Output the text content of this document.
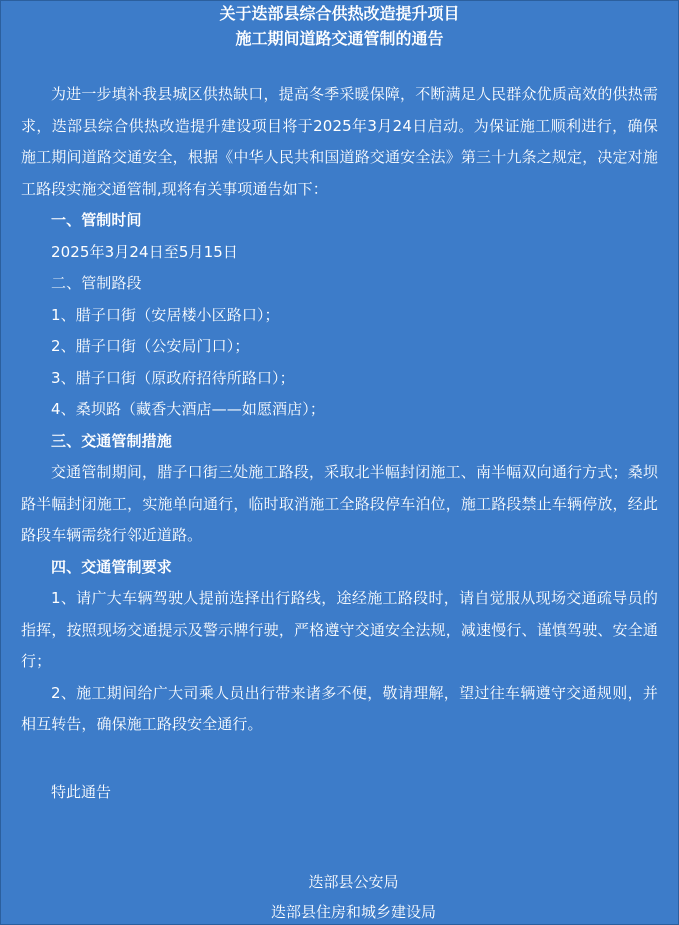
关于迭部县综合供热改造提升项目
施工期间道路交通管制的通告

为进一步填补我县城区供热缺口，提高冬季采暖保障，不断满足人民群众优质高效的供热需求，迭部县综合供热改造提升建设项目将于2025年3月24日启动。为保证施工顺利进行，确保施工期间道路交通安全，根据《中华人民共和国道路交通安全法》第三十九条之规定，决定对施工路段实施交通管制,现将有关事项通告如下：

一、管制时间

2025年3月24日至5月15日

二、管制路段

1、腊子口街（安居楼小区路口）；

2、腊子口街（公安局门口）；

3、腊子口街（原政府招待所路口）；

4、桑坝路（藏香大酒店——如愿酒店）；

三、交通管制措施

交通管制期间，腊子口街三处施工路段，采取北半幅封闭施工、南半幅双向通行方式；桑坝路半幅封闭施工，实施单向通行，临时取消施工全路段停车泊位，施工路段禁止车辆停放，经此路段车辆需绕行邻近道路。

四、交通管制要求

1、请广大车辆驾驶人提前选择出行路线，途经施工路段时，请自觉服从现场交通疏导员的指挥，按照现场交通提示及警示牌行驶，严格遵守交通安全法规，减速慢行、谨慎驾驶、安全通行；

2、施工期间给广大司乘人员出行带来诸多不便，敬请理解，望过往车辆遵守交通规则，并相互转告，确保施工路段安全通行。

特此通告
迭部县公安局
迭部县住房和城乡建设局
